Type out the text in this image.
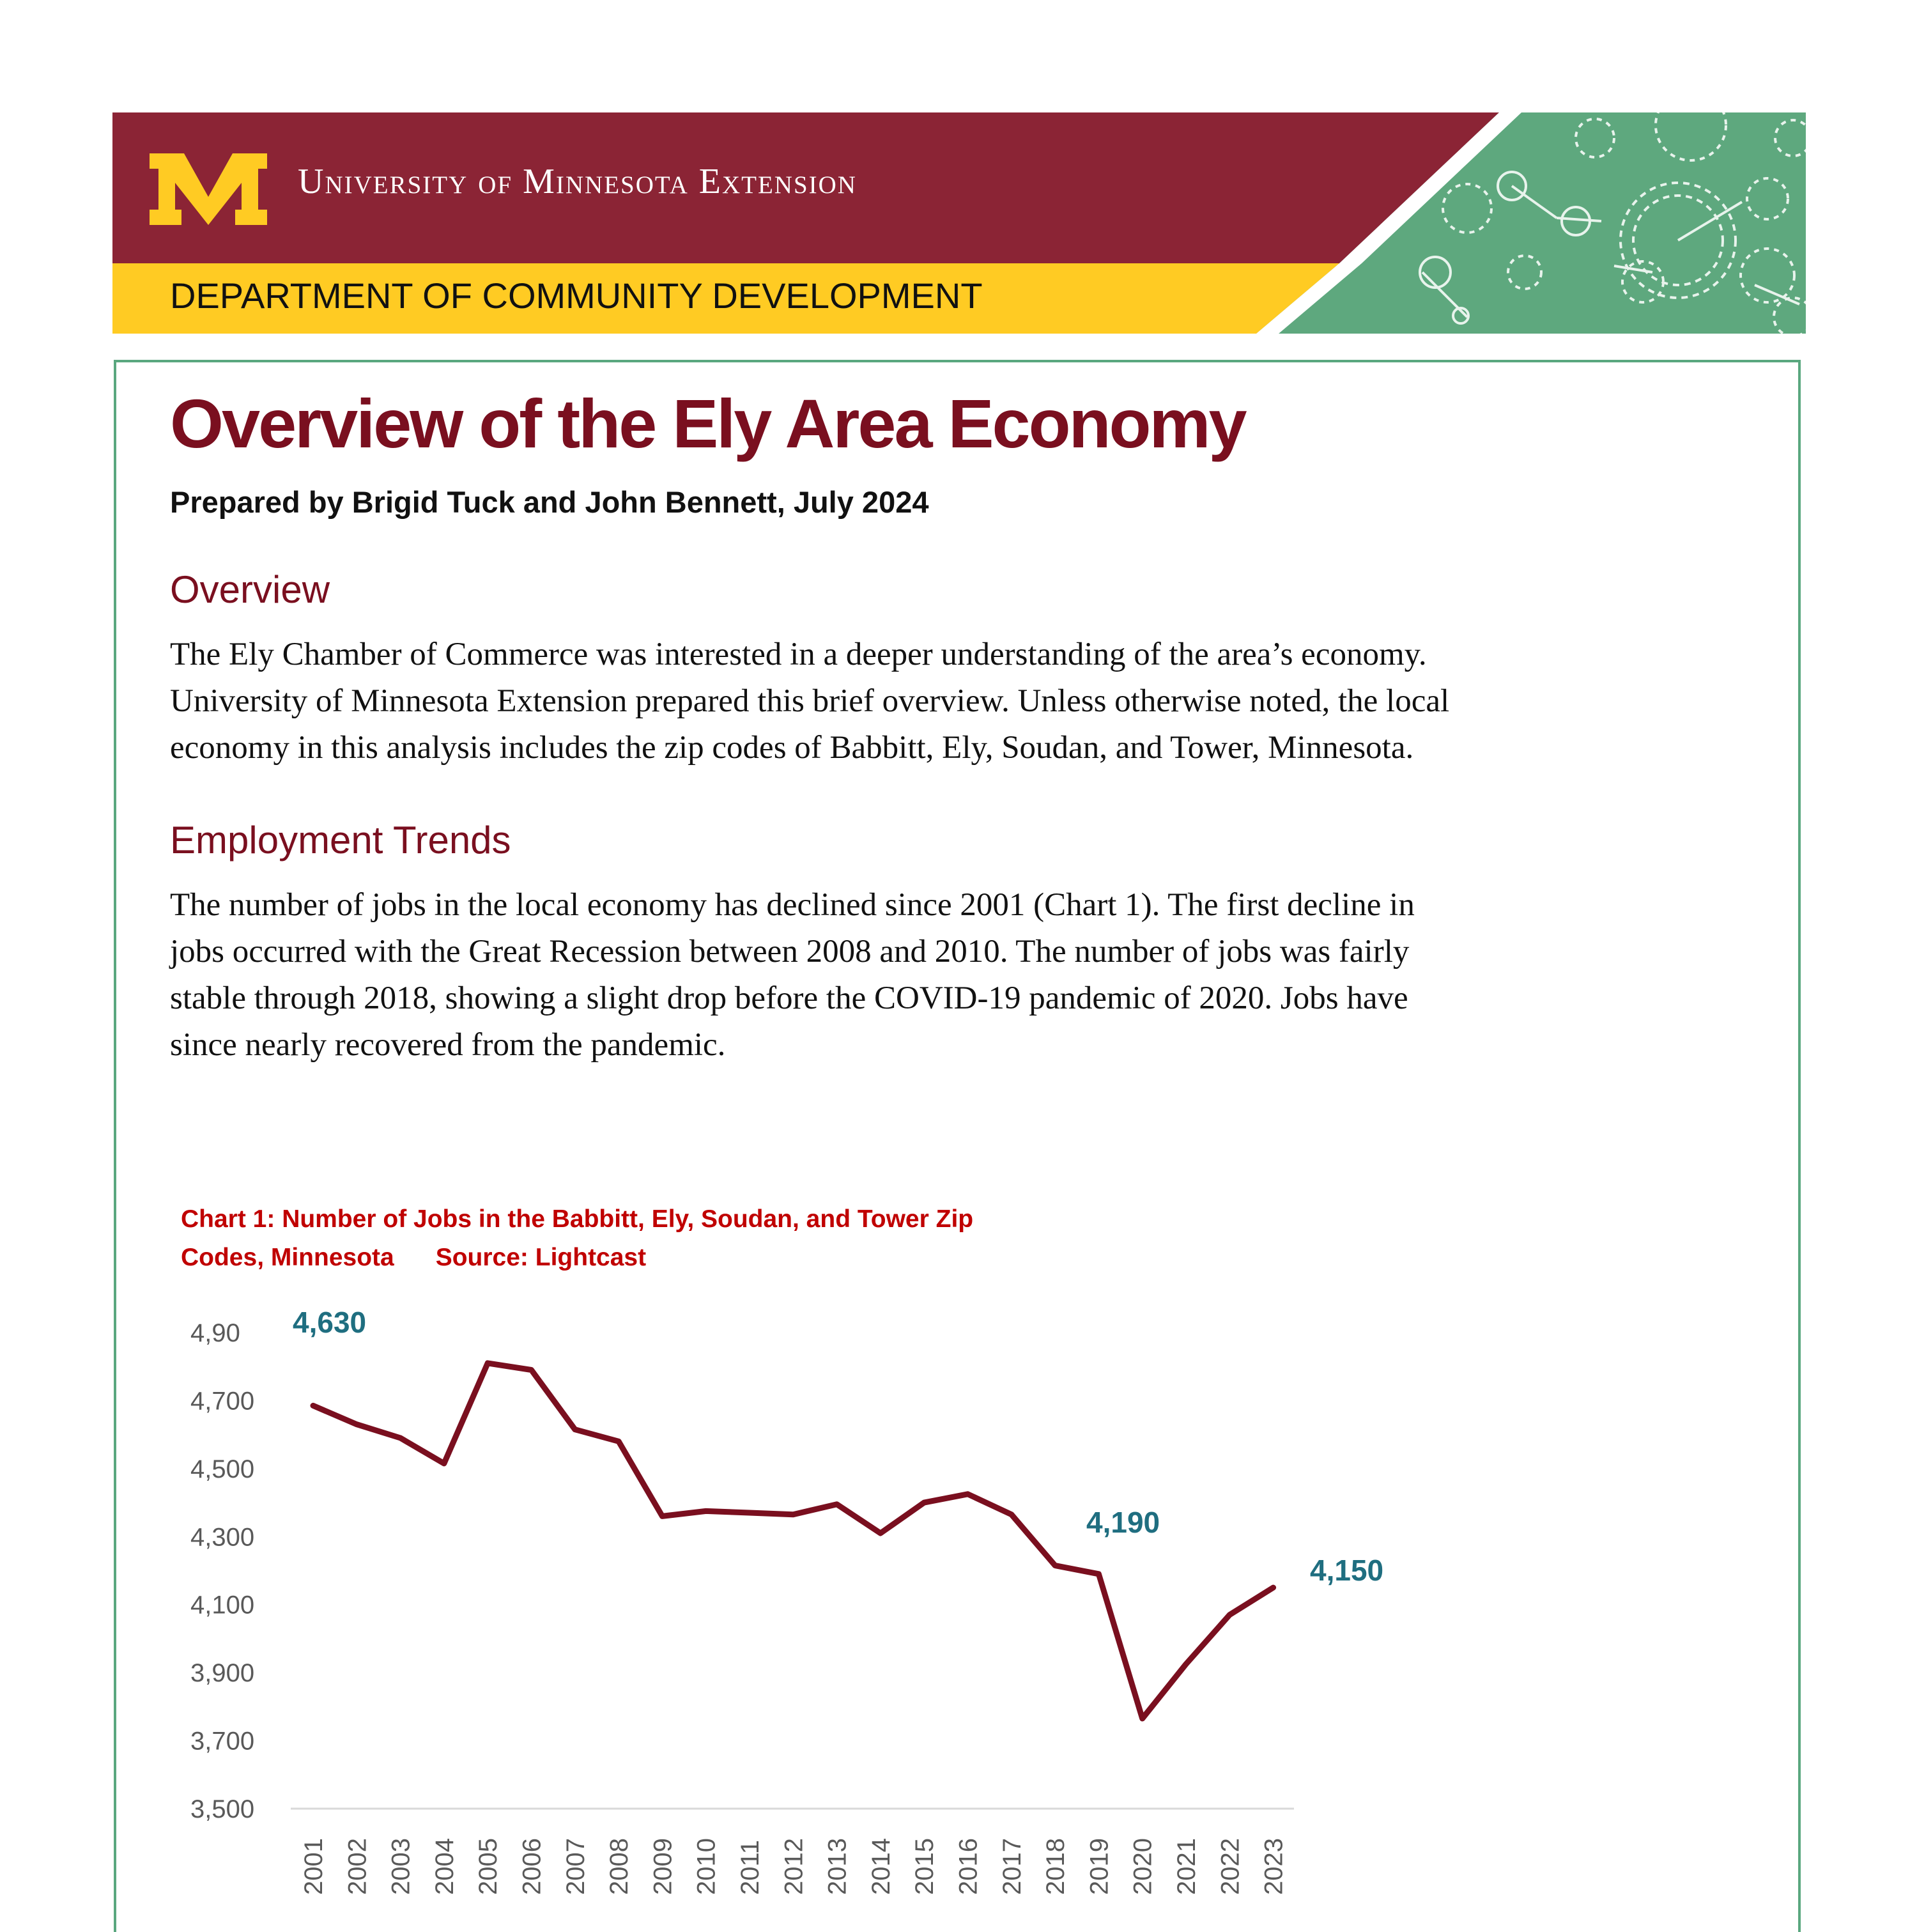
University of Minnesota Extension
DEPARTMENT OF COMMUNITY DEVELOPMENT
Overview of the Ely Area Economy
Prepared by Brigid Tuck and John Bennett, July 2024
Overview

The Ely Chamber of Commerce was interested in a deeper understanding of the area’s economy.
University of Minnesota Extension prepared this brief overview. Unless otherwise noted, the local
economy in this analysis includes the zip codes of Babbitt, Ely, Soudan, and Tower, Minnesota.

Employment Trends

The number of jobs in the local economy has declined since 2001 (Chart 1). The first decline in
jobs occurred with the Great Recession between 2008 and 2010. The number of jobs was fairly
stable through 2018, showing a slight drop before the COVID-19 pandemic of 2020. Jobs have
since nearly recovered from the pandemic.

Chart 1: Number of Jobs in the Babbitt, Ely, Soudan, and Tower Zip
Codes, Minnesota      Source: Lightcast
3,500
3,700
3,900
4,100
4,300
4,500
4,700
4,90
2001 2002 2003 2004 2005 2006 2007 2008 2009 2010 2011 2012 2013 2014 2015 2016 2017 2018 2019 2020 2021 2022 2023
4,630
4,190
4,150
